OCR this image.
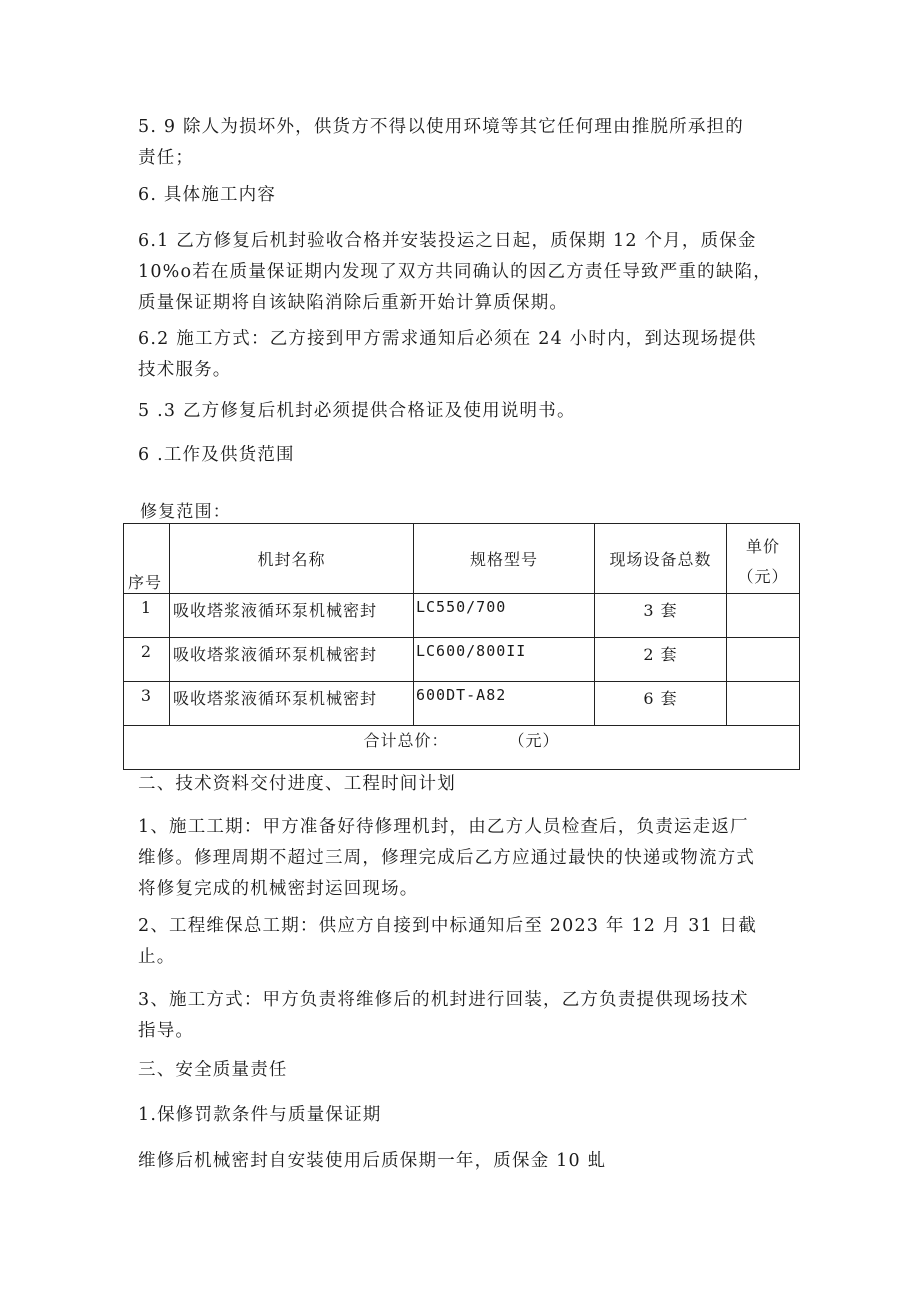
5. 9 除人为损坏外，供货方不得以使用环境等其它任何理由推脱所承担的
责任；
6. 具体施工内容
6.1 乙方修复后机封验收合格并安装投运之日起，质保期 12 个月，质保金
10%o若在质量保证期内发现了双方共同确认的因乙方责任导致严重的缺陷，
质量保证期将自该缺陷消除后重新开始计算质保期。
6.2 施工方式：乙方接到甲方需求通知后必须在 24 小时内，到达现场提供
技术服务。
5 .3 乙方修复后机封必须提供合格证及使用说明书。
6 .工作及供货范围
修复范围：
序号	机封名称	规格型号	现场设备总数	单价
（元）

1	吸收塔浆液循环泵机械密封	LC550/700	3 套	
2	吸收塔浆液循环泵机械密封	LC600/800II	2 套	
3	吸收塔浆液循环泵机械密封	600DT-A82	6 套	
合计总价： （元）				
二、技术资料交付进度、工程时间计划
1、施工工期：甲方准备好待修理机封，由乙方人员检查后，负责运走返厂
维修。修理周期不超过三周，修理完成后乙方应通过最快的快递或物流方式
将修复完成的机械密封运回现场。
2、工程维保总工期：供应方自接到中标通知后至 2023 年 12 月 31 日截
止。
3、施工方式：甲方负责将维修后的机封进行回装，乙方负责提供现场技术
指导。
三、安全质量责任
1.保修罚款条件与质量保证期
维修后机械密封自安装使用后质保期一年，质保金 10 虬
